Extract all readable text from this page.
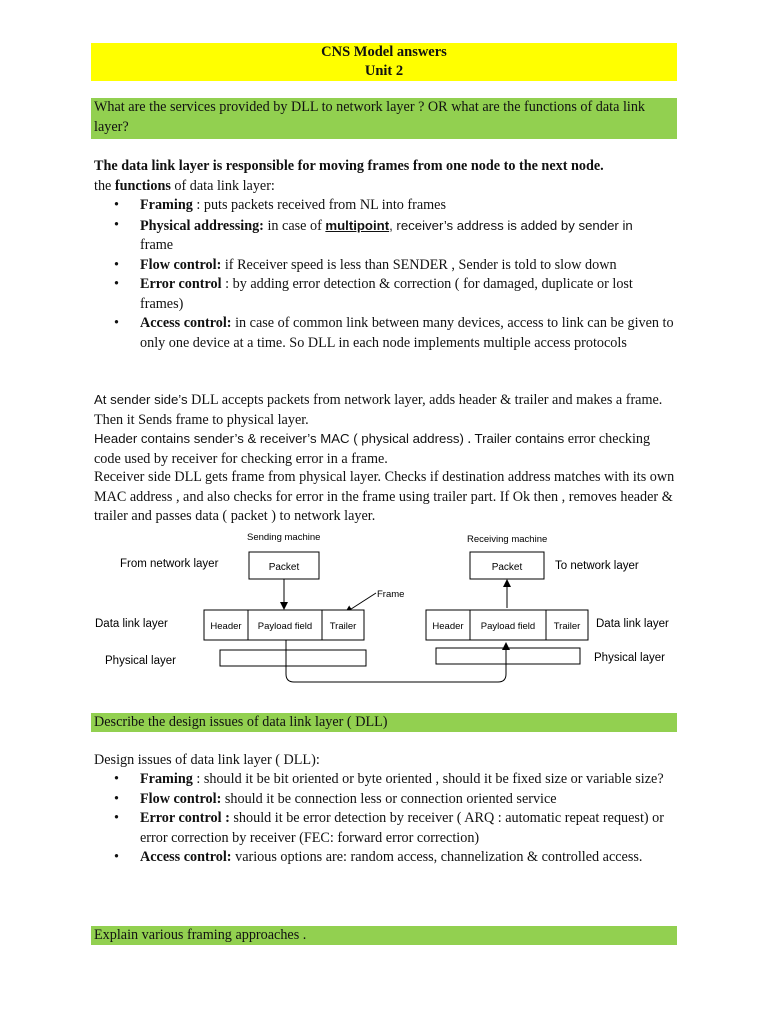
CNS Model answers
Unit 2
What are the services provided by DLL to network layer ? OR what are the functions of data link layer?
The data link layer is responsible for moving frames from one node to the next node.
the functions of data link layer:
• Framing : puts packets received from NL into frames
• Physical addressing: in case of multipoint, receiver’s address is added by sender in
frame
• Flow control: if Receiver speed is less than SENDER , Sender is told to slow down
• Error control : by adding error detection & correction ( for damaged, duplicate or lost frames)
• Access control: in case of common link between many devices, access to link can be given to only one device at a time. So DLL in each node implements multiple access protocols
At sender side’s DLL accepts packets from network layer, adds header & trailer and makes a frame. Then it Sends frame to physical layer.
Header contains sender’s & receiver’s MAC ( physical address) . Trailer contains error checking code used by receiver for checking error in a frame.
Receiver side DLL gets frame from physical layer. Checks if destination address matches with its own MAC address , and also checks for error in the frame using trailer part. If Ok then , removes header & trailer and passes data ( packet ) to network layer.
Sending machine	Receiving machine
From network layer	To network layer
Packet	Packet
Frame
Data link layer	Header Payload field Trailer	Header Payload field Trailer Data link layer
Physical layer	Physical layer
Describe the design issues of data link layer ( DLL)
Design issues of data link layer ( DLL):
• Framing : should it be bit oriented or byte oriented , should it be fixed size or variable size?
• Flow control: should it be connection less or connection oriented service
• Error control : should it be error detection by receiver ( ARQ : automatic repeat request) or error correction by receiver (FEC: forward error correction)
• Access control: various options are: random access, channelization & controlled access.
Explain various framing approaches .
